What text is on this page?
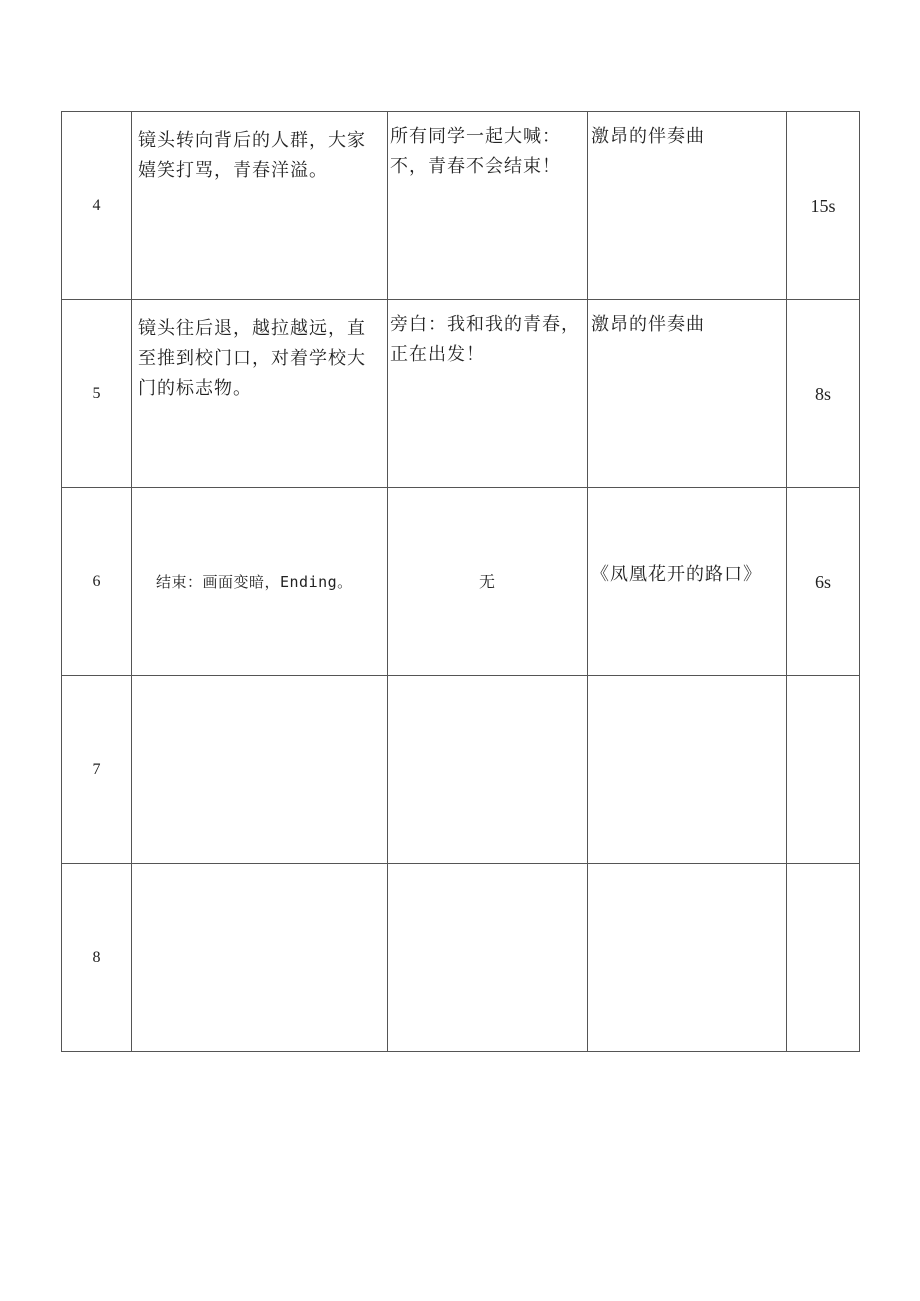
4	镜头转向背后的人群，大家嬉笑打骂，青春洋溢。	所有同学一起大喊：不，青春不会结束！	激昂的伴奏曲	15s
5	镜头往后退，越拉越远，直至推到校门口，对着学校大门的标志物。	旁白：我和我的青春，正在出发！	激昂的伴奏曲	8s
6	结束：画面变暗，Ending。	无	《凤凰花开的路口》	6s
7	

8	
